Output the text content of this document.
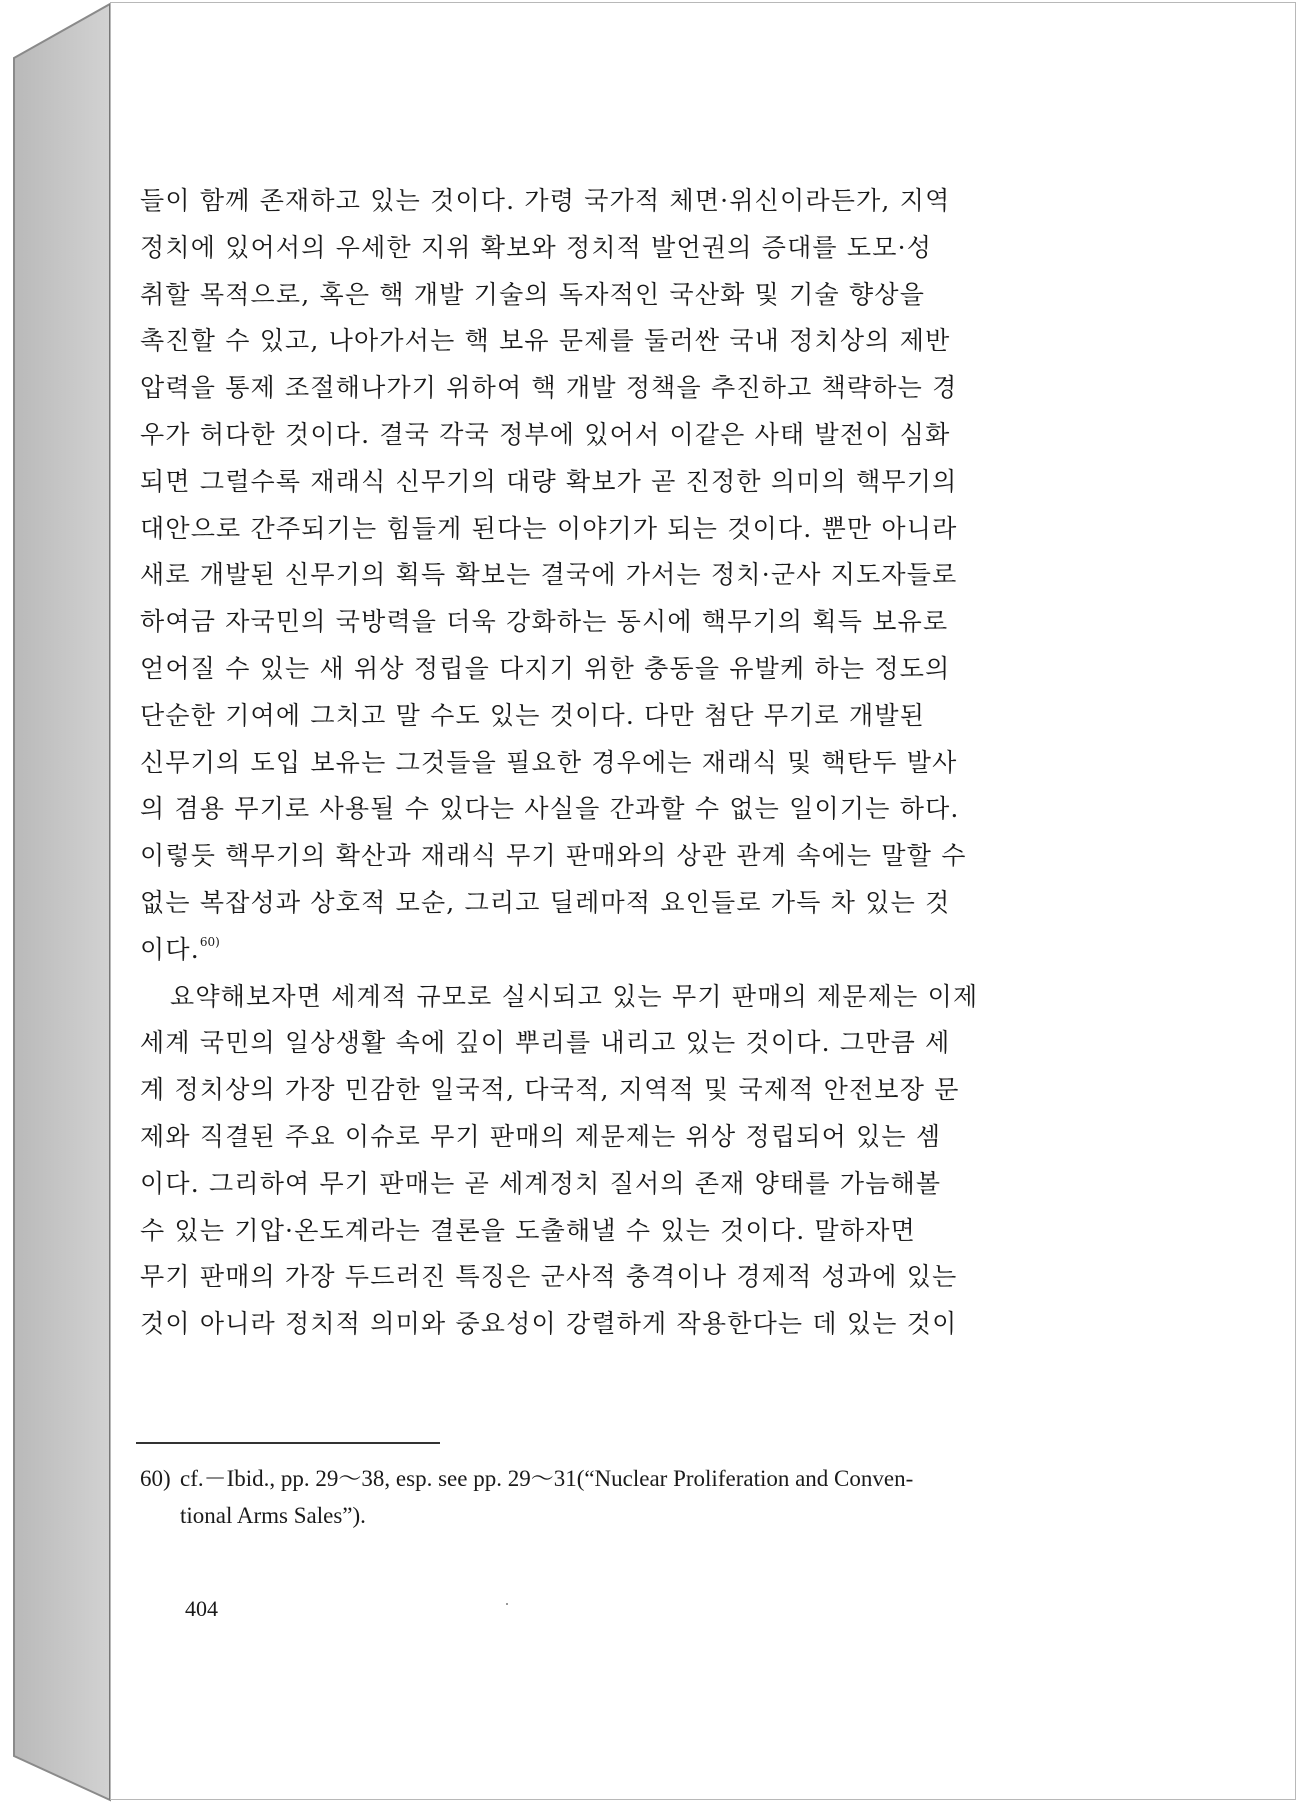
들이 함께 존재하고 있는 것이다. 가령 국가적 체면·위신이라든가, 지역
정치에 있어서의 우세한 지위 확보와 정치적 발언권의 증대를 도모·성
취할 목적으로, 혹은 핵 개발 기술의 독자적인 국산화 및 기술 향상을
촉진할 수 있고, 나아가서는 핵 보유 문제를 둘러싼 국내 정치상의 제반
압력을 통제 조절해나가기 위하여 핵 개발 정책을 추진하고 책략하는 경
우가 허다한 것이다. 결국 각국 정부에 있어서 이같은 사태 발전이 심화
되면 그럴수록 재래식 신무기의 대량 확보가 곧 진정한 의미의 핵무기의
대안으로 간주되기는 힘들게 된다는 이야기가 되는 것이다. 뿐만 아니라
새로 개발된 신무기의 획득 확보는 결국에 가서는 정치·군사 지도자들로
하여금 자국민의 국방력을 더욱 강화하는 동시에 핵무기의 획득 보유로
얻어질 수 있는 새 위상 정립을 다지기 위한 충동을 유발케 하는 정도의
단순한 기여에 그치고 말 수도 있는 것이다. 다만 첨단 무기로 개발된
신무기의 도입 보유는 그것들을 필요한 경우에는 재래식 및 핵탄두 발사
의 겸용 무기로 사용될 수 있다는 사실을 간과할 수 없는 일이기는 하다.
이렇듯 핵무기의 확산과 재래식 무기 판매와의 상관 관계 속에는 말할 수
없는 복잡성과 상호적 모순, 그리고 딜레마적 요인들로 가득 차 있는 것
이다.$^{60)}$
요약해보자면 세계적 규모로 실시되고 있는 무기 판매의 제문제는 이제
세계 국민의 일상생활 속에 깊이 뿌리를 내리고 있는 것이다. 그만큼 세
계 정치상의 가장 민감한 일국적, 다국적, 지역적 및 국제적 안전보장 문
제와 직결된 주요 이슈로 무기 판매의 제문제는 위상 정립되어 있는 셈
이다. 그리하여 무기 판매는 곧 세계정치 질서의 존재 양태를 가늠해볼
수 있는 기압·온도계라는 결론을 도출해낼 수 있는 것이다. 말하자면
무기 판매의 가장 두드러진 특징은 군사적 충격이나 경제적 성과에 있는
것이 아니라 정치적 의미와 중요성이 강렬하게 작용한다는 데 있는 것이
60) cf.－Ibid., pp. 29～38, esp. see pp. 29～31(“Nuclear Proliferation and Conven-
tional Arms Sales”).
404
